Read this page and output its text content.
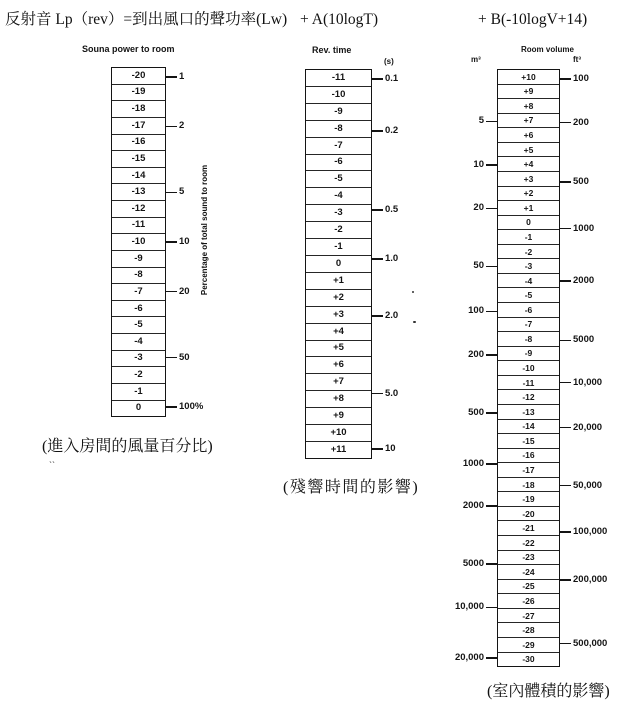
反射音 Lp（rev）=到出風口的聲功率(Lw) + A(10logT)	+ B(-10logV+14)
Souna power to room
-20
-19
-18
-17
-16
-15
-14
-13
-12
-11
-10
-9
-8
-7
-6
-5
-4
-3
-2
-1
0
Percentage of total sound to room
(進入房間的風量百分比)
``
Rev. time
(s)
-11
-10
-9
-8
-7
-6
-5
-4
-3
-2
-1
0
+1
+2
+3
+4
+5
+6
+7
+8
+9
+10
+11
(殘響時間的影響)
Room volume
m³	ft³
+10
+9
+8
+7
+6
+5
+4
+3
+2
+1
0
-1
-2
-3
-4
-5
-6
-7
-8
-9
-10
-11
-12
-13
-14
-15
-16
-17
-18
-19
-20
-21
-22
-23
-24
-25
-26
-27
-28
-29
-30
(室內體積的影響)
1
2
5
10
20
50
100%
0.1
0.2
0.5
1.0
2.0
5.0
10
5
10
20
50
100
200
500
1000
2000
5000
10,000
20,000
100
200
500
1000
2000
5000
10,000
20,000
50,000
100,000
200,000
500,000
